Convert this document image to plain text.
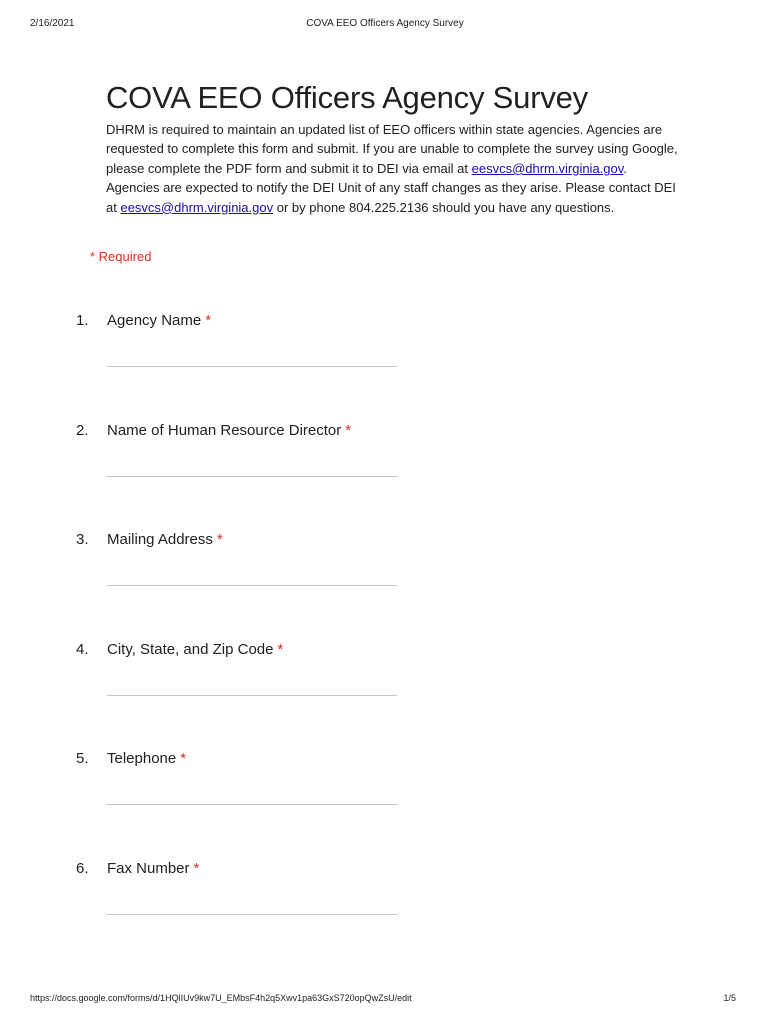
2/16/2021	COVA EEO Officers Agency Survey
COVA EEO Officers Agency Survey
DHRM is required to maintain an updated list of EEO officers within state agencies. Agencies are requested to complete this form and submit. If you are unable to complete the survey using Google, please complete the PDF form and submit it to DEI via email at eesvcs@dhrm.virginia.gov. Agencies are expected to notify the DEI Unit of any staff changes as they arise. Please contact DEI at eesvcs@dhrm.virginia.gov or by phone 804.225.2136 should you have any questions.
* Required
1. Agency Name *
2. Name of Human Resource Director *
3. Mailing Address *
4. City, State, and Zip Code *
5. Telephone *
6. Fax Number *
https://docs.google.com/forms/d/1HQlIUv9kw7U_EMbsF4h2q5Xwv1pa63GxS720opQwZsU/edit	1/5
